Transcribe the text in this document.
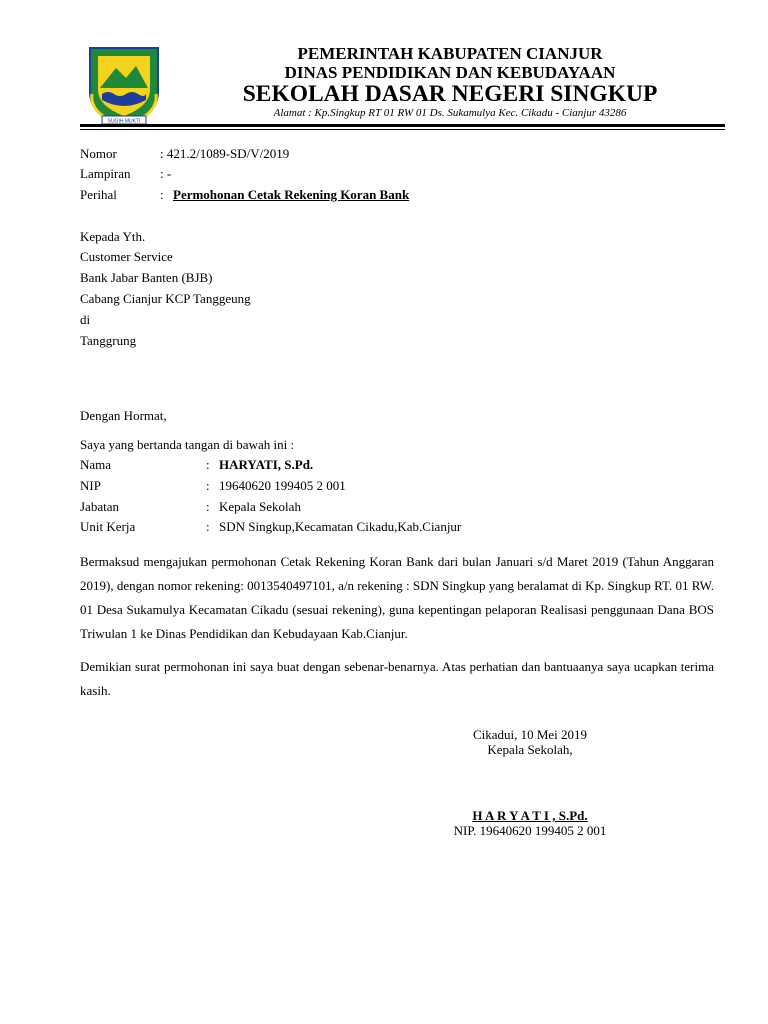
SUGIH MUKTI
PEMERINTAH KABUPATEN CIANJUR
DINAS PENDIDIKAN DAN KEBUDAYAAN
SEKOLAH DASAR NEGERI SINGKUP
Alamat : Kp.Singkup RT 01 RW 01 Ds. Sukamulya Kec. Cikadu - Cianjur 43286
Nomor	: 421.2/1089-SD/V/2019
Lampiran : -
Perihal	: Permohonan Cetak Rekening Koran Bank
Kepada Yth.
Customer Service
Bank Jabar Banten (BJB)
Cabang Cianjur KCP Tanggeung
di
Tanggrung
Dengan Hormat,
Saya yang bertanda tangan di bawah ini :
Nama	: HARYATI, S.Pd.
NIP	: 19640620 199405 2 001
Jabatan	: Kepala Sekolah
Unit Kerja	: SDN Singkup,Kecamatan Cikadu,Kab.Cianjur
Bermaksud mengajukan permohonan Cetak Rekening Koran Bank dari bulan Januari s/d Maret 2019 (Tahun Anggaran 2019), dengan nomor rekening: 0013540497101, a/n rekening : SDN Singkup yang beralamat di Kp. Singkup RT. 01 RW. 01 Desa Sukamulya Kecamatan Cikadu (sesuai rekening), guna kepentingan pelaporan Realisasi penggunaan Dana BOS Triwulan 1 ke Dinas Pendidikan dan Kebudayaan Kab.Cianjur.
Demikian surat permohonan ini saya buat dengan sebenar-benarnya. Atas perhatian dan bantuaanya saya ucapkan terima kasih.
Cikadui, 10 Mei 2019
Kepala Sekolah,
H A R Y A T I , S.Pd.
NIP. 19640620 199405 2 001
